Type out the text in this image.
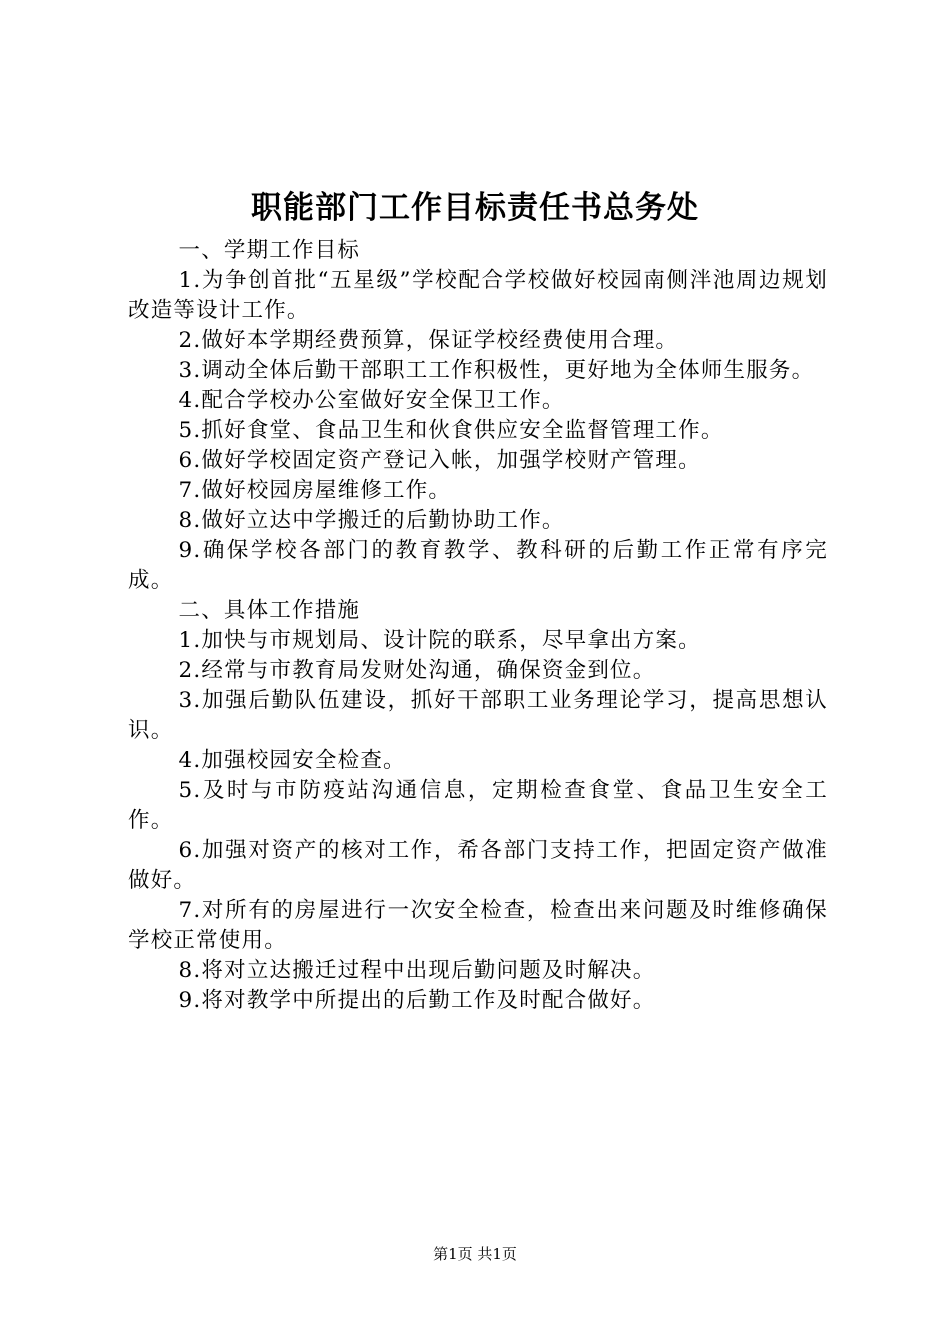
职能部门工作目标责任书总务处

一、学期工作目标

1.为争创首批“五星级”学校配合学校做好校园南侧泮池周边规划改造等设计工作。

2.做好本学期经费预算，保证学校经费使用合理。

3.调动全体后勤干部职工工作积极性，更好地为全体师生服务。

4.配合学校办公室做好安全保卫工作。

5.抓好食堂、食品卫生和伙食供应安全监督管理工作。

6.做好学校固定资产登记入帐，加强学校财产管理。

7.做好校园房屋维修工作。

8.做好立达中学搬迁的后勤协助工作。

9.确保学校各部门的教育教学、教科研的后勤工作正常有序完成。

二、具体工作措施

1.加快与市规划局、设计院的联系，尽早拿出方案。

2.经常与市教育局发财处沟通，确保资金到位。

3.加强后勤队伍建设，抓好干部职工业务理论学习，提高思想认识。

4.加强校园安全检查。

5.及时与市防疫站沟通信息，定期检查食堂、食品卫生安全工作。

6.加强对资产的核对工作，希各部门支持工作，把固定资产做准做好。

7.对所有的房屋进行一次安全检查，检查出来问题及时维修确保学校正常使用。

8.将对立达搬迁过程中出现后勤问题及时解决。

9.将对教学中所提出的后勤工作及时配合做好。

第1页 共1页
